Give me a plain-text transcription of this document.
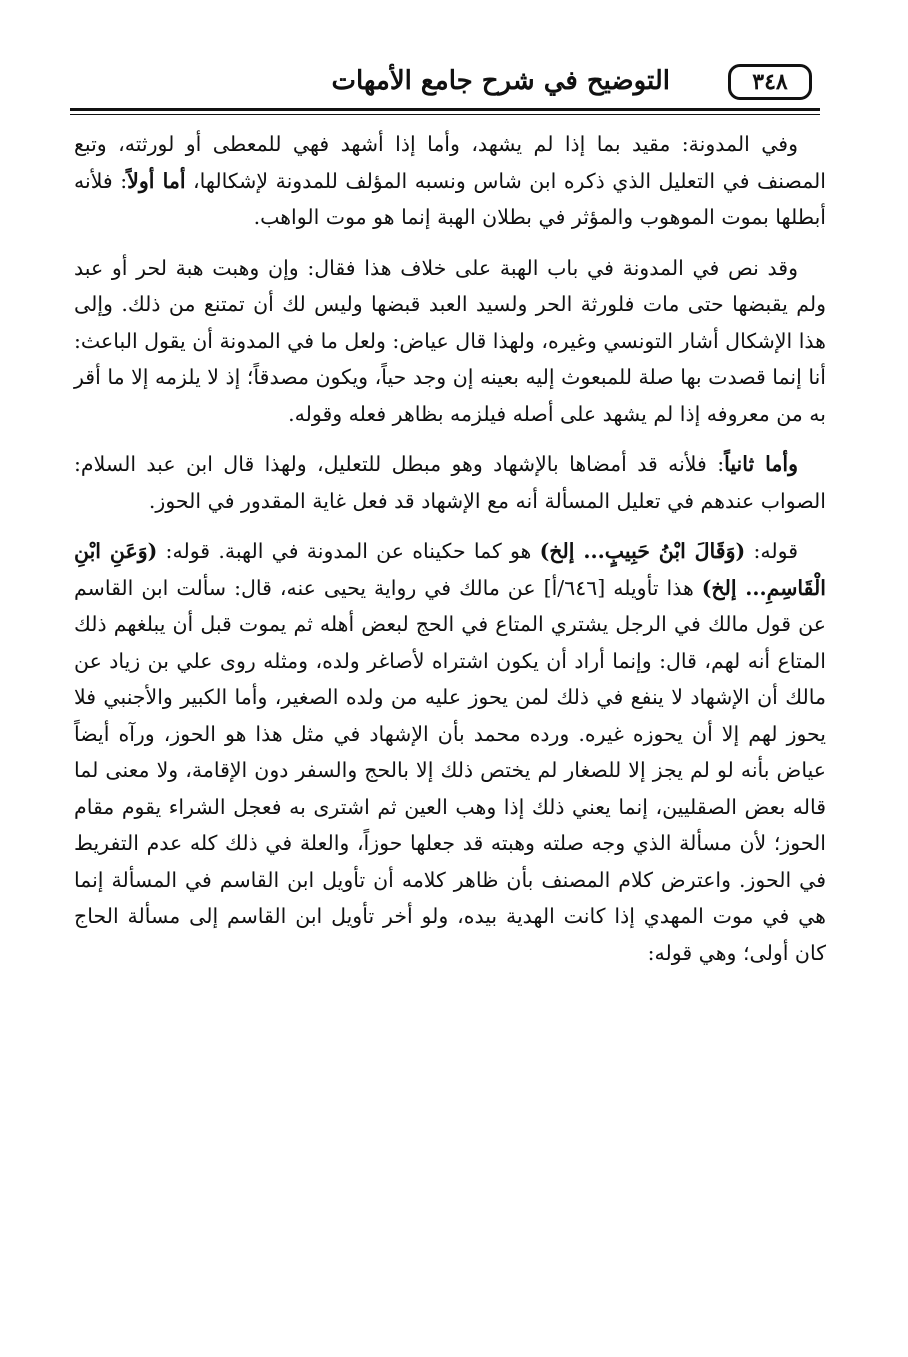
٣٤٨
التوضيح في شرح جامع الأمهات

وفي المدونة: مقيد بما إذا لم يشهد، وأما إذا أشهد فهي للمعطى أو لورثته، وتبع المصنف في التعليل الذي ذكره ابن شاس ونسبه المؤلف للمدونة لإشكالها، أما أولاً: فلأنه أبطلها بموت الموهوب والمؤثر في بطلان الهبة إنما هو موت الواهب.

وقد نص في المدونة في باب الهبة على خلاف هذا فقال: وإن وهبت هبة لحر أو عبد ولم يقبضها حتى مات فلورثة الحر ولسيد العبد قبضها وليس لك أن تمتنع من ذلك. وإلى هذا الإشكال أشار التونسي وغيره، ولهذا قال عياض: ولعل ما في المدونة أن يقول الباعث: أنا إنما قصدت بها صلة للمبعوث إليه بعينه إن وجد حياً، ويكون مصدقاً؛ إذ لا يلزمه إلا ما أقر به من معروفه إذا لم يشهد على أصله فيلزمه بظاهر فعله وقوله.

وأما ثانياً: فلأنه قد أمضاها بالإشهاد وهو مبطل للتعليل، ولهذا قال ابن عبد السلام: الصواب عندهم في تعليل المسألة أنه مع الإشهاد قد فعل غاية المقدور في الحوز.

قوله: (وَقَالَ ابْنُ حَبِيبٍ... إلخ) هو كما حكيناه عن المدونة في الهبة. قوله: (وَعَنِ ابْنِ الْقَاسِمِ... إلخ) هذا تأويله [٦٤٦/أ] عن مالك في رواية يحيى عنه، قال: سألت ابن القاسم عن قول مالك في الرجل يشتري المتاع في الحج لبعض أهله ثم يموت قبل أن يبلغهم ذلك المتاع أنه لهم، قال: وإنما أراد أن يكون اشتراه لأصاغر ولده، ومثله روى علي بن زياد عن مالك أن الإشهاد لا ينفع في ذلك لمن يحوز عليه من ولده الصغير، وأما الكبير والأجنبي فلا يحوز لهم إلا أن يحوزه غيره. ورده محمد بأن الإشهاد في مثل هذا هو الحوز، ورآه أيضاً عياض بأنه لو لم يجز إلا للصغار لم يختص ذلك إلا بالحج والسفر دون الإقامة، ولا معنى لما قاله بعض الصقليين، إنما يعني ذلك إذا وهب العين ثم اشترى به فعجل الشراء يقوم مقام الحوز؛ لأن مسألة الذي وجه صلته وهبته قد جعلها حوزاً، والعلة في ذلك كله عدم التفريط في الحوز. واعترض كلام المصنف بأن ظاهر كلامه أن تأويل ابن القاسم في المسألة إنما هي في موت المهدي إذا كانت الهدية بيده، ولو أخر تأويل ابن القاسم إلى مسألة الحاج كان أولى؛ وهي قوله:
